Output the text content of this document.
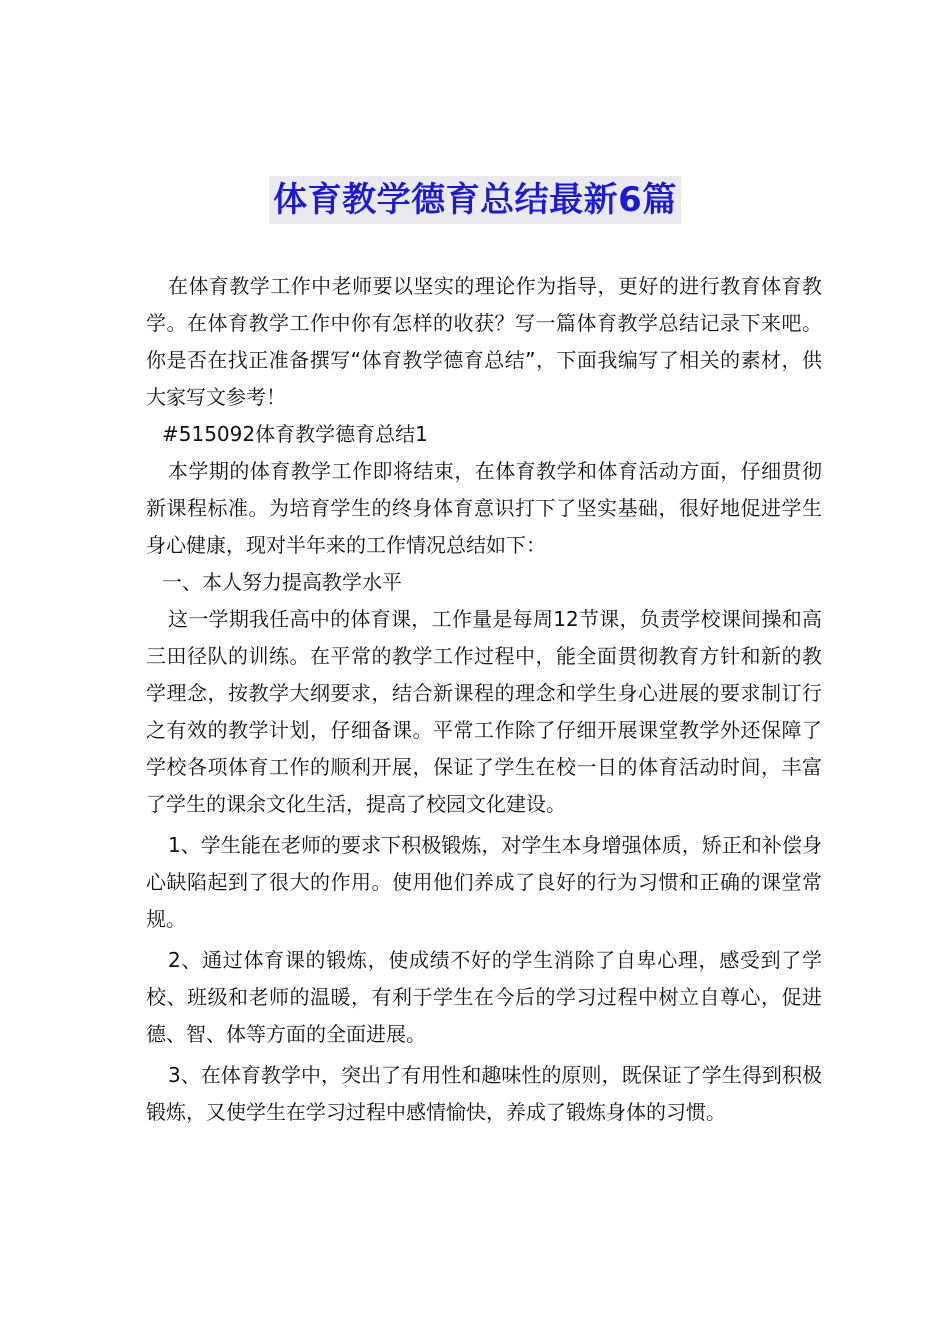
体育教学德育总结最新6篇

在体育教学工作中老师要以坚实的理论作为指导，更好的进行教育体育教学。在体育教学工作中你有怎样的收获？写一篇体育教学总结记录下来吧。你是否在找正准备撰写“体育教学德育总结”，下面我编写了相关的素材，供大家写文参考！

#515092体育教学德育总结1

本学期的体育教学工作即将结束，在体育教学和体育活动方面，仔细贯彻新课程标准。为培育学生的终身体育意识打下了坚实基础，很好地促进学生身心健康，现对半年来的工作情况总结如下：

一、本人努力提高教学水平

这一学期我任高中的体育课，工作量是每周12节课，负责学校课间操和高三田径队的训练。在平常的教学工作过程中，能全面贯彻教育方针和新的教学理念，按教学大纲要求，结合新课程的理念和学生身心进展的要求制订行之有效的教学计划，仔细备课。平常工作除了仔细开展课堂教学外还保障了学校各项体育工作的顺利开展，保证了学生在校一日的体育活动时间，丰富了学生的课余文化生活，提高了校园文化建设。

1、学生能在老师的要求下积极锻炼，对学生本身增强体质，矫正和补偿身心缺陷起到了很大的作用。使用他们养成了良好的行为习惯和正确的课堂常规。

2、通过体育课的锻炼，使成绩不好的学生消除了自卑心理，感受到了学校、班级和老师的温暖，有利于学生在今后的学习过程中树立自尊心，促进德、智、体等方面的全面进展。

3、在体育教学中，突出了有用性和趣味性的原则，既保证了学生得到积极锻炼，又使学生在学习过程中感情愉快，养成了锻炼身体的习惯。
